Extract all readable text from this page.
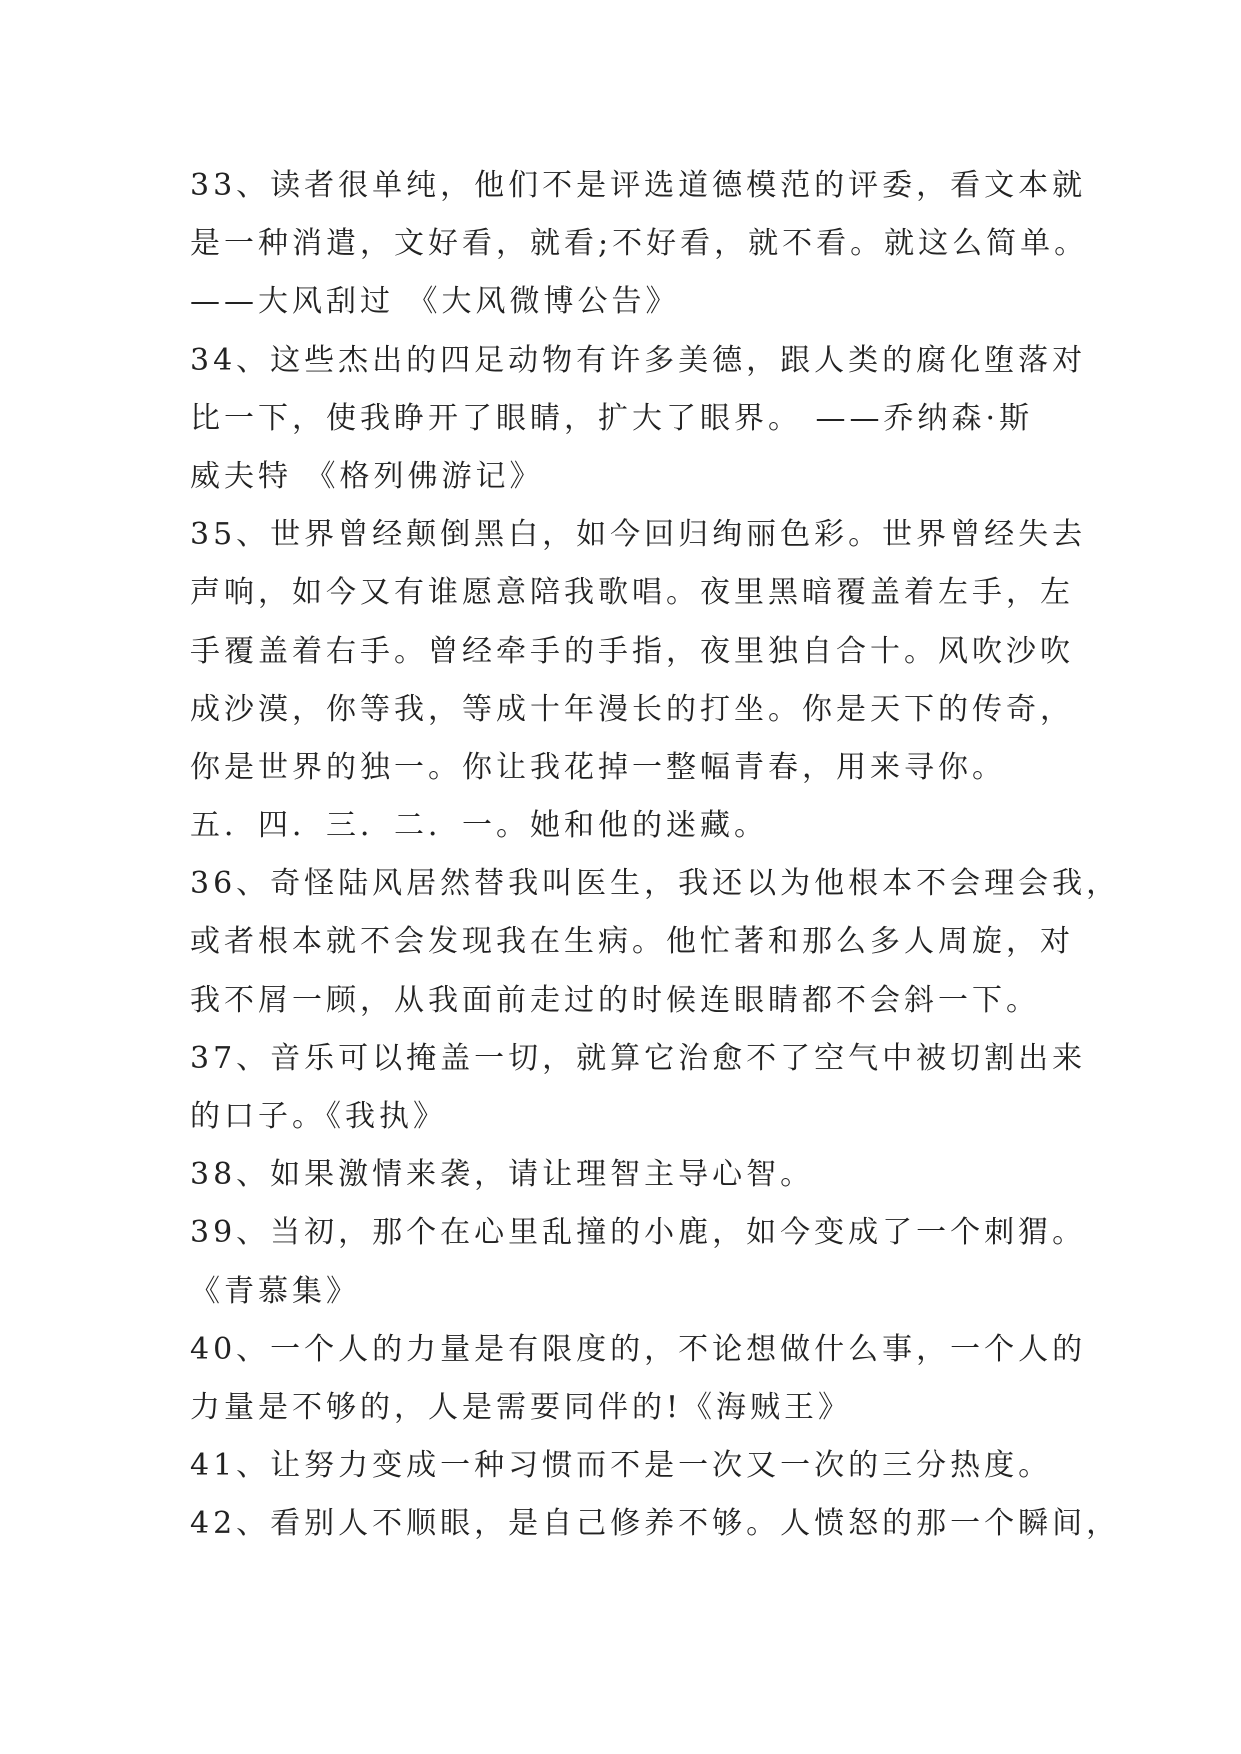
33、读者很单纯，他们不是评选道德模范的评委，看文本就
是一种消遣，文好看，就看;不好看，就不看。就这么简单。
——大风刮过 《大风微博公告》
34、这些杰出的四足动物有许多美德，跟人类的腐化堕落对
比一下，使我睁开了眼睛，扩大了眼界。 ——乔纳森·斯
威夫特 《格列佛游记》
35、世界曾经颠倒黑白，如今回归绚丽色彩。世界曾经失去
声响，如今又有谁愿意陪我歌唱。夜里黑暗覆盖着左手，左
手覆盖着右手。曾经牵手的手指，夜里独自合十。风吹沙吹
成沙漠，你等我，等成十年漫长的打坐。你是天下的传奇，
你是世界的独一。你让我花掉一整幅青春，用来寻你。
五．四．三．二．一。她和他的迷藏。
36、奇怪陆风居然替我叫医生，我还以为他根本不会理会我，
或者根本就不会发现我在生病。他忙著和那么多人周旋，对
我不屑一顾，从我面前走过的时候连眼睛都不会斜一下。
37、音乐可以掩盖一切，就算它治愈不了空气中被切割出来
的口子。《我执》
38、如果激情来袭，请让理智主导心智。
39、当初，那个在心里乱撞的小鹿，如今变成了一个刺猬。
《青慕集》
40、一个人的力量是有限度的，不论想做什么事，一个人的
力量是不够的，人是需要同伴的!《海贼王》
41、让努力变成一种习惯而不是一次又一次的三分热度。
42、看别人不顺眼，是自己修养不够。人愤怒的那一个瞬间，
